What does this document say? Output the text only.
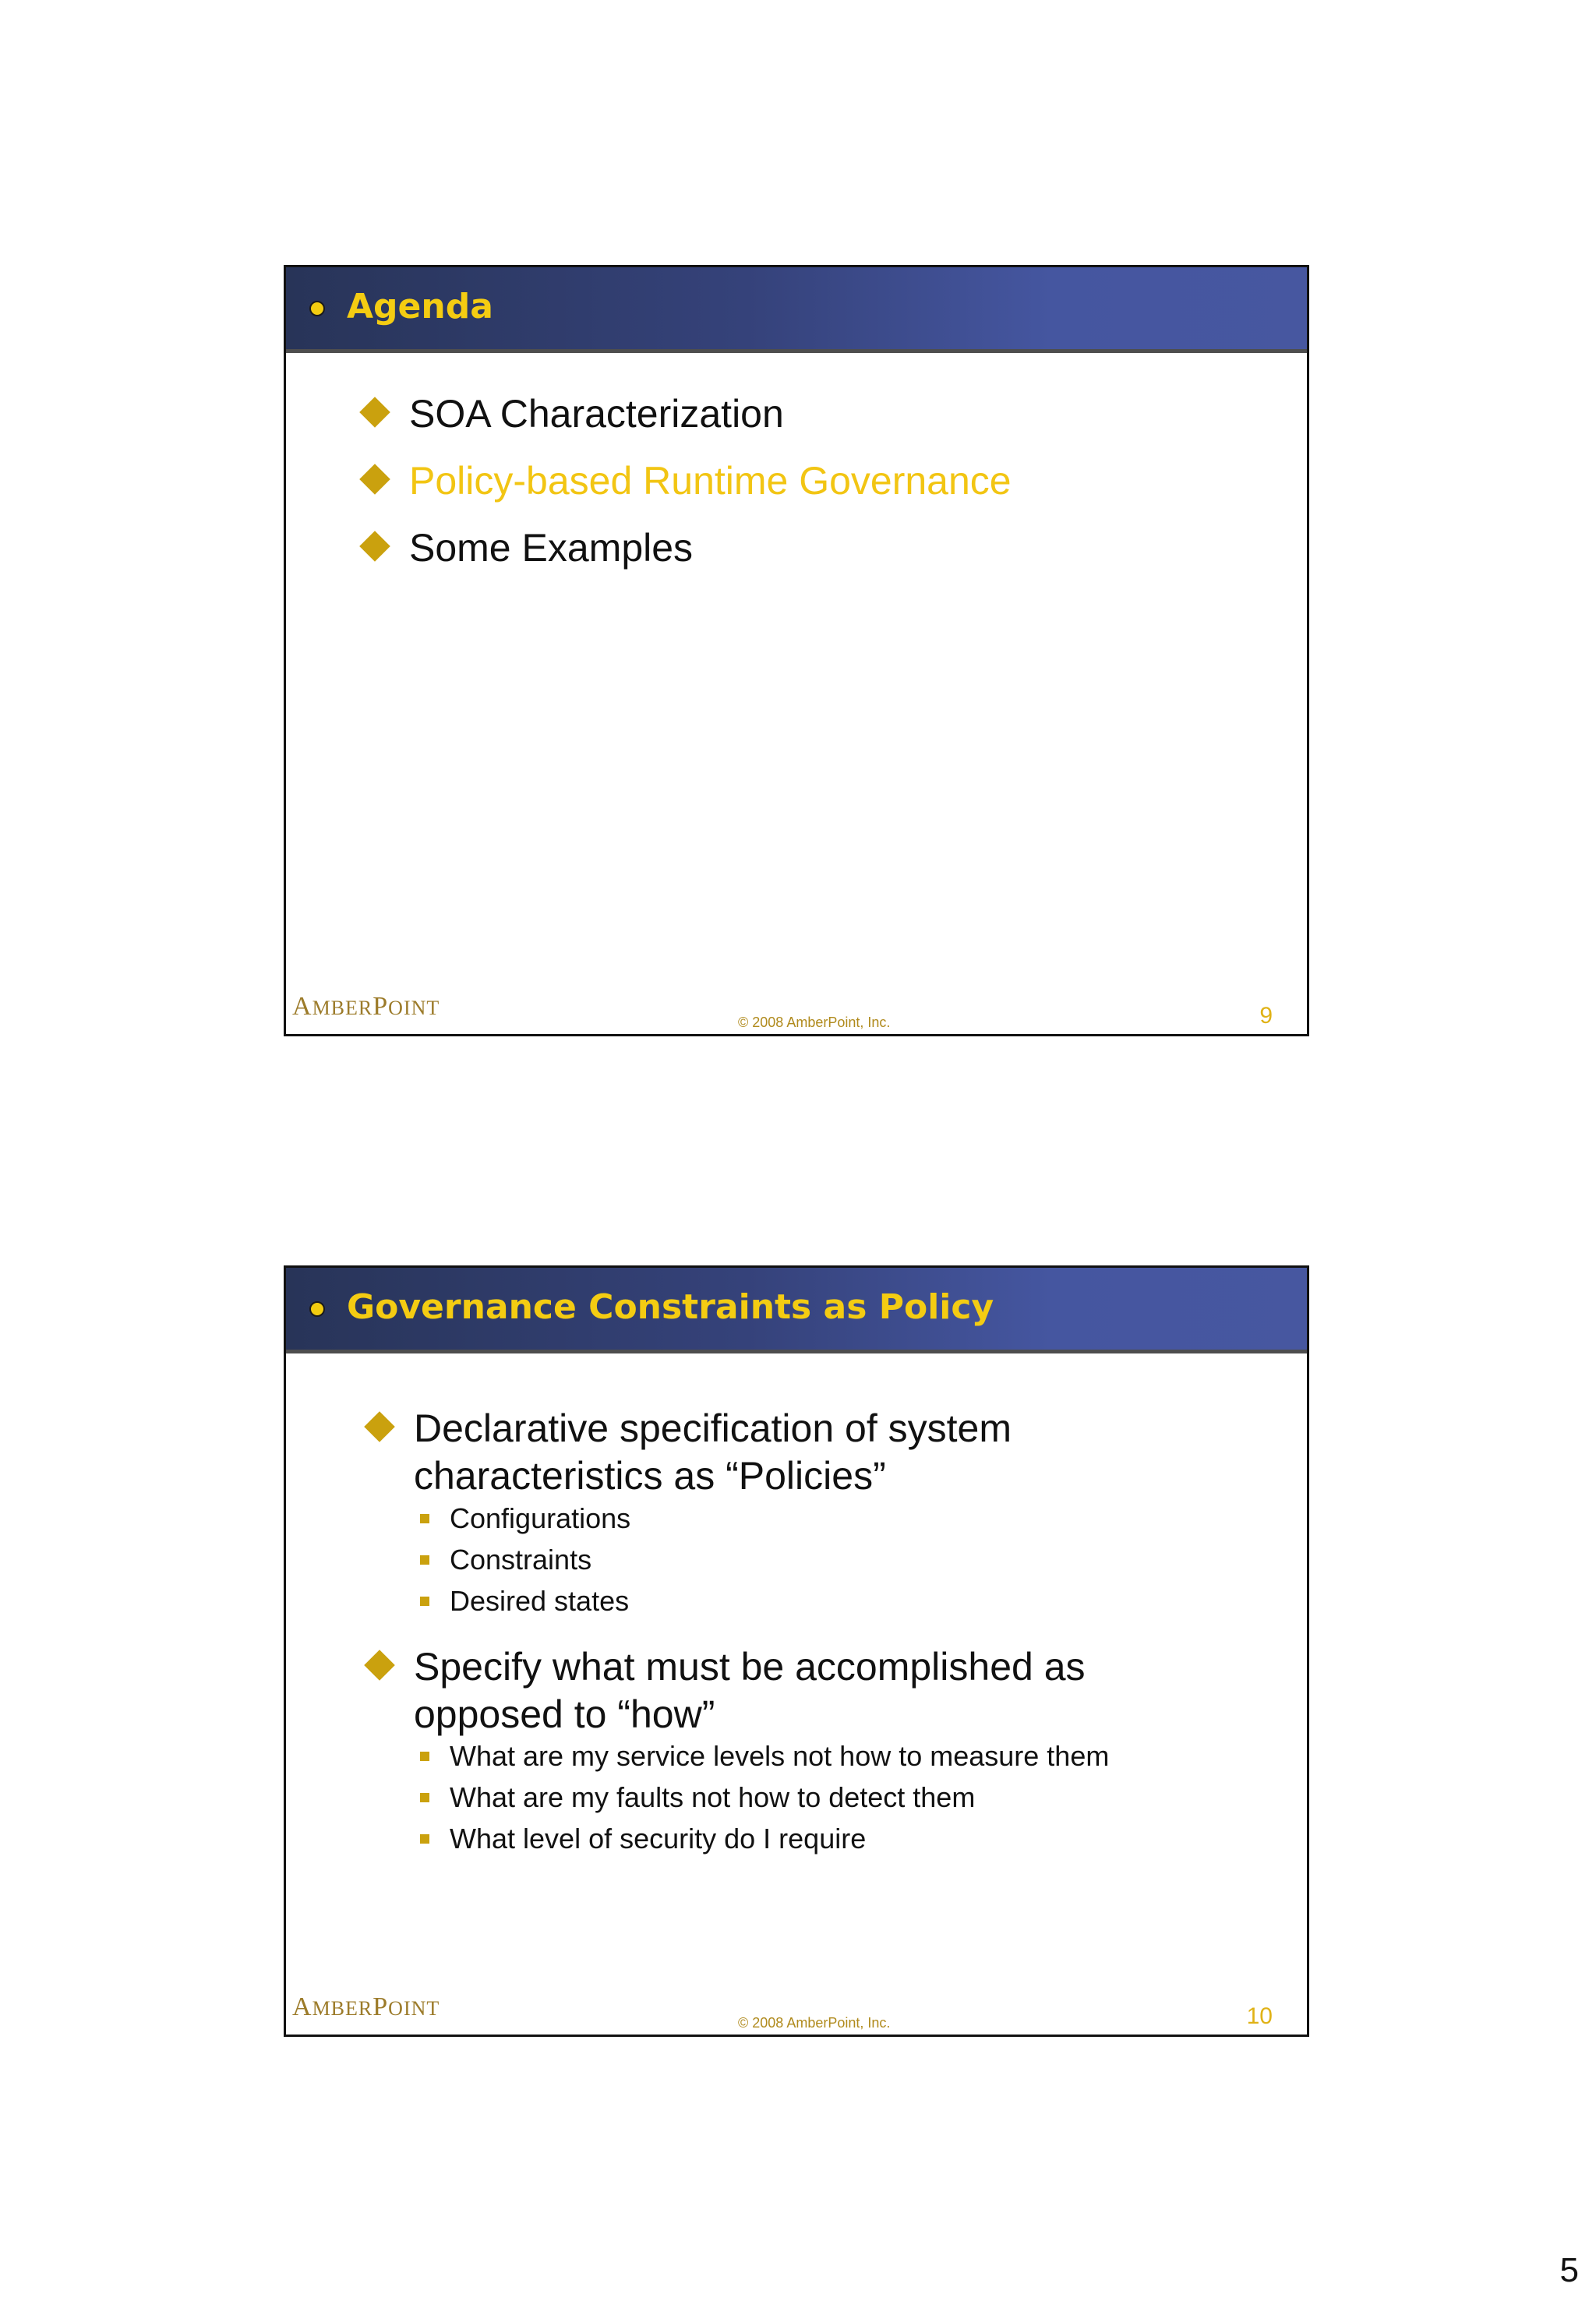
Agenda
SOA Characterization
Policy-based Runtime Governance
Some Examples
AMBERPOINT
© 2008 AmberPoint, Inc.	9
Governance Constraints as Policy
Declarative specification of system
characteristics as “Policies”
Configurations
Constraints
Desired states
Specify what must be accomplished as
opposed to “how”
What are my service levels not how to measure them
What are my faults not how to detect them
What level of security do I require
AMBERPOINT
© 2008 AmberPoint, Inc.	10
5
